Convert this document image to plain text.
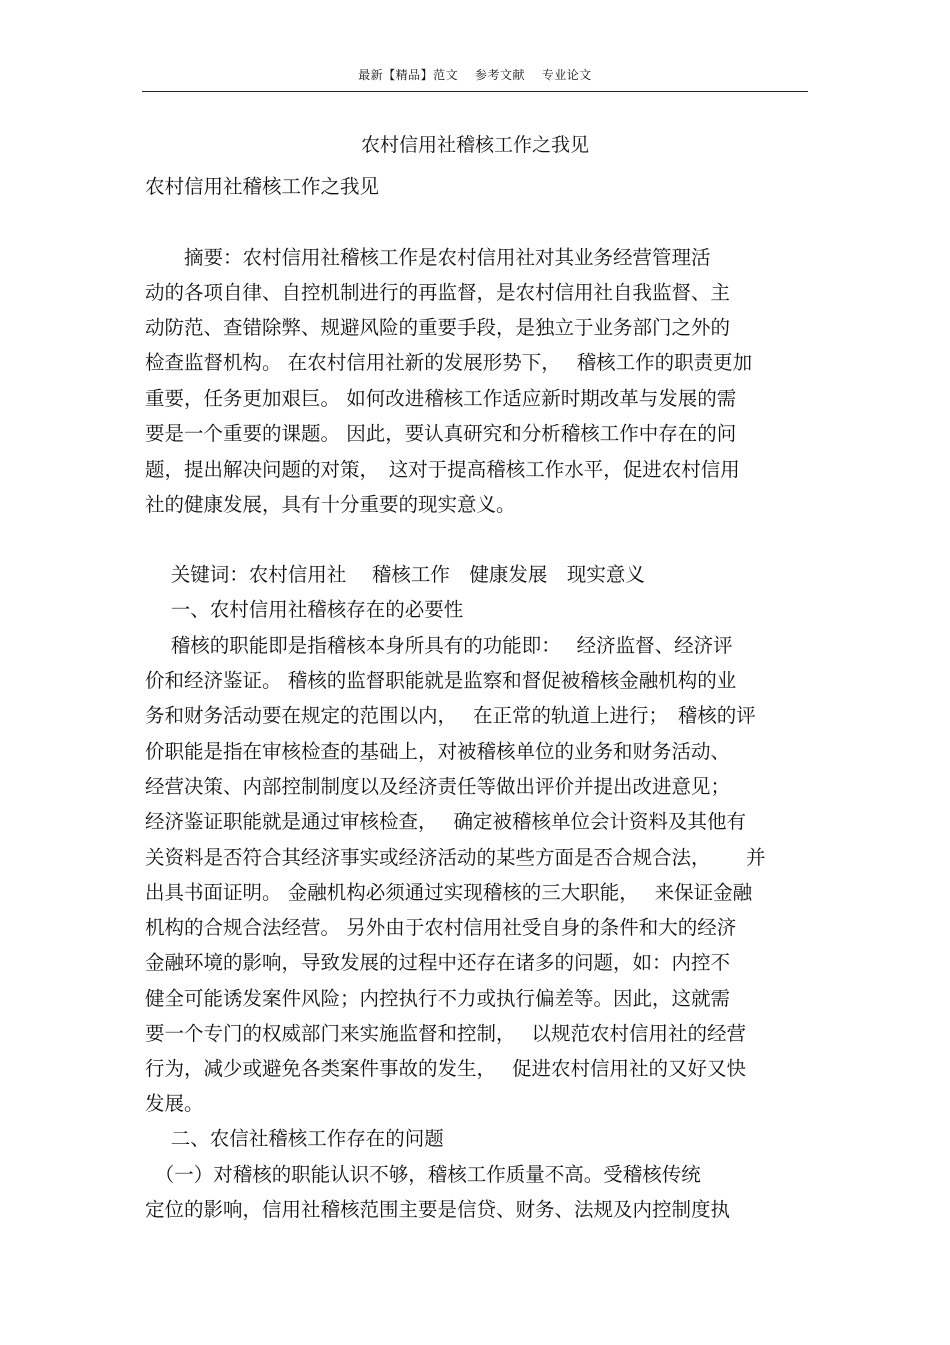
最新【精品】范文　 参考文献　 专业论文
农村信用社稽核工作之我见
农村信用社稽核工作之我见
　　摘要：农村信用社稽核工作是农村信用社对其业务经营管理活
动的各项自律、自控机制进行的再监督，是农村信用社自我监督、主
动防范、查错除弊、规避风险的重要手段，是独立于业务部门之外的
检查监督机构。 在农村信用社新的发展形势下，　 稽核工作的职责更加
重要，任务更加艰巨。 如何改进稽核工作适应新时期改革与发展的需
要是一个重要的课题。 因此，要认真研究和分析稽核工作中存在的问
题，提出解决问题的对策，　这对于提高稽核工作水平，促进农村信用
社的健康发展，具有十分重要的现实意义。
　 关键词：农村信用社　 稽核工作　健康发展　现实意义
　 一、农村信用社稽核存在的必要性
　 稽核的职能即是指稽核本身所具有的功能即：　 经济监督、经济评
价和经济鉴证。 稽核的监督职能就是监察和督促被稽核金融机构的业
务和财务活动要在规定的范围以内，　 在正常的轨道上进行；　稽核的评
价职能是指在审核检查的基础上，对被稽核单位的业务和财务活动、
经营决策、内部控制制度以及经济责任等做出评价并提出改进意见；
经济鉴证职能就是通过审核检查，　 确定被稽核单位会计资料及其他有
关资料是否符合其经济事实或经济活动的某些方面是否合规合法，　　 并
出具书面证明。 金融机构必须通过实现稽核的三大职能，　 来保证金融
机构的合规合法经营。 另外由于农村信用社受自身的条件和大的经济
金融环境的影响，导致发展的过程中还存在诸多的问题，如：内控不
健全可能诱发案件风险；内控执行不力或执行偏差等。因此，这就需
要一个专门的权威部门来实施监督和控制，　 以规范农村信用社的经营
行为，减少或避免各类案件事故的发生，　 促进农村信用社的又好又快
发展。
　 二、农信社稽核工作存在的问题
　（一）对稽核的职能认识不够，稽核工作质量不高。受稽核传统
定位的影响，信用社稽核范围主要是信贷、财务、法规及内控制度执
